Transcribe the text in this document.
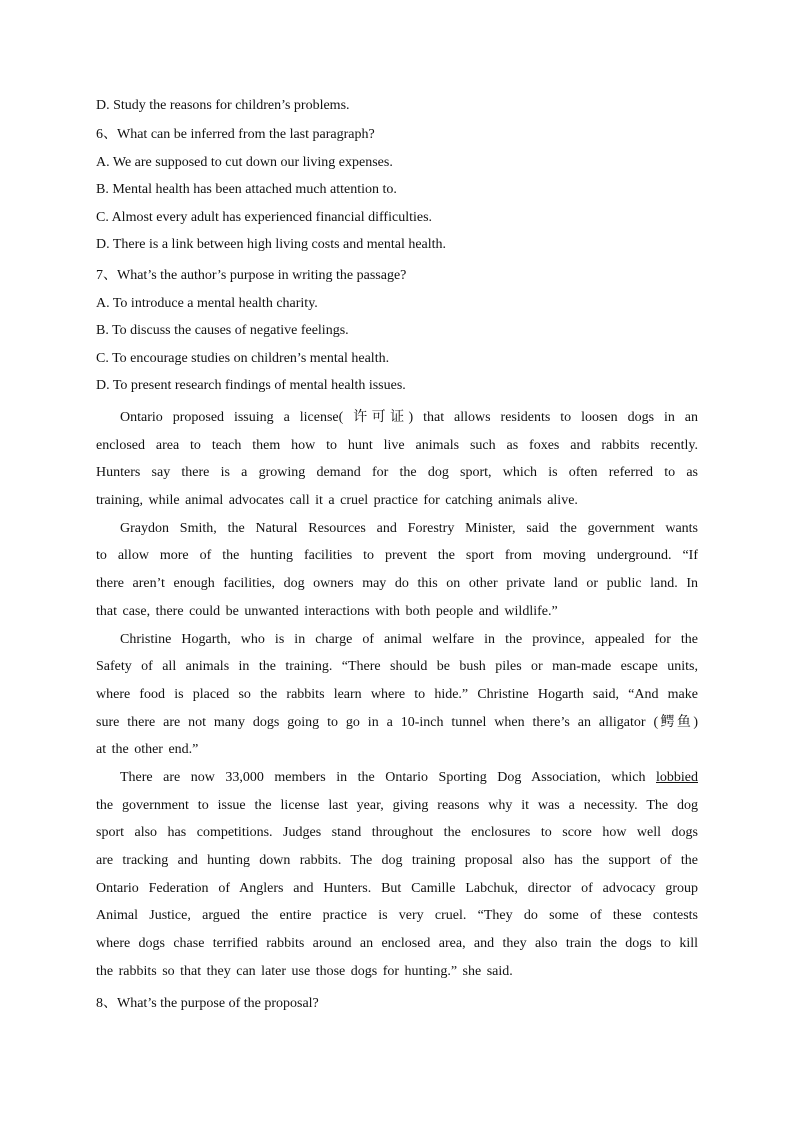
D. Study the reasons for children’s problems.
6、What can be inferred from the last paragraph?
A. We are supposed to cut down our living expenses.
B. Mental health has been attached much attention to.
C. Almost every adult has experienced financial difficulties.
D. There is a link between high living costs and mental health.
7、What’s the author’s purpose in writing the passage?
A. To introduce a mental health charity.
B. To discuss the causes of negative feelings.
C. To encourage studies on children’s mental health.
D. To present research findings of mental health issues.
Ontario proposed issuing a license( 许可证) that allows residents to loosen dogs in an
enclosed area to teach them how to hunt live animals such as foxes and rabbits recently.
Hunters say there is a growing demand for the dog sport, which is often referred to as
training, while animal advocates call it a cruel practice for catching animals alive.
Graydon Smith, the Natural Resources and Forestry Minister, said the government wants
to allow more of the hunting facilities to prevent the sport from moving underground. “If
there aren’t enough facilities, dog owners may do this on other private land or public land. In
that case, there could be unwanted interactions with both people and wildlife.”
Christine Hogarth, who is in charge of animal welfare in the province, appealed for the
Safety of all animals in the training. “There should be bush piles or man-made escape units,
where food is placed so the rabbits learn where to hide.” Christine Hogarth said, “And make
sure there are not many dogs going to go in a 10-inch tunnel when there’s an alligator (鳄鱼)
at the other end.”
There are now 33,000 members in the Ontario Sporting Dog Association, which lobbied
the government to issue the license last year, giving reasons why it was a necessity. The dog
sport also has competitions. Judges stand throughout the enclosures to score how well dogs
are tracking and hunting down rabbits. The dog training proposal also has the support of the
Ontario Federation of Anglers and Hunters. But Camille Labchuk, director of advocacy group
Animal Justice, argued the entire practice is very cruel. “They do some of these contests
where dogs chase terrified rabbits around an enclosed area, and they also train the dogs to kill
the rabbits so that they can later use those dogs for hunting.” she said.
8、What’s the purpose of the proposal?
